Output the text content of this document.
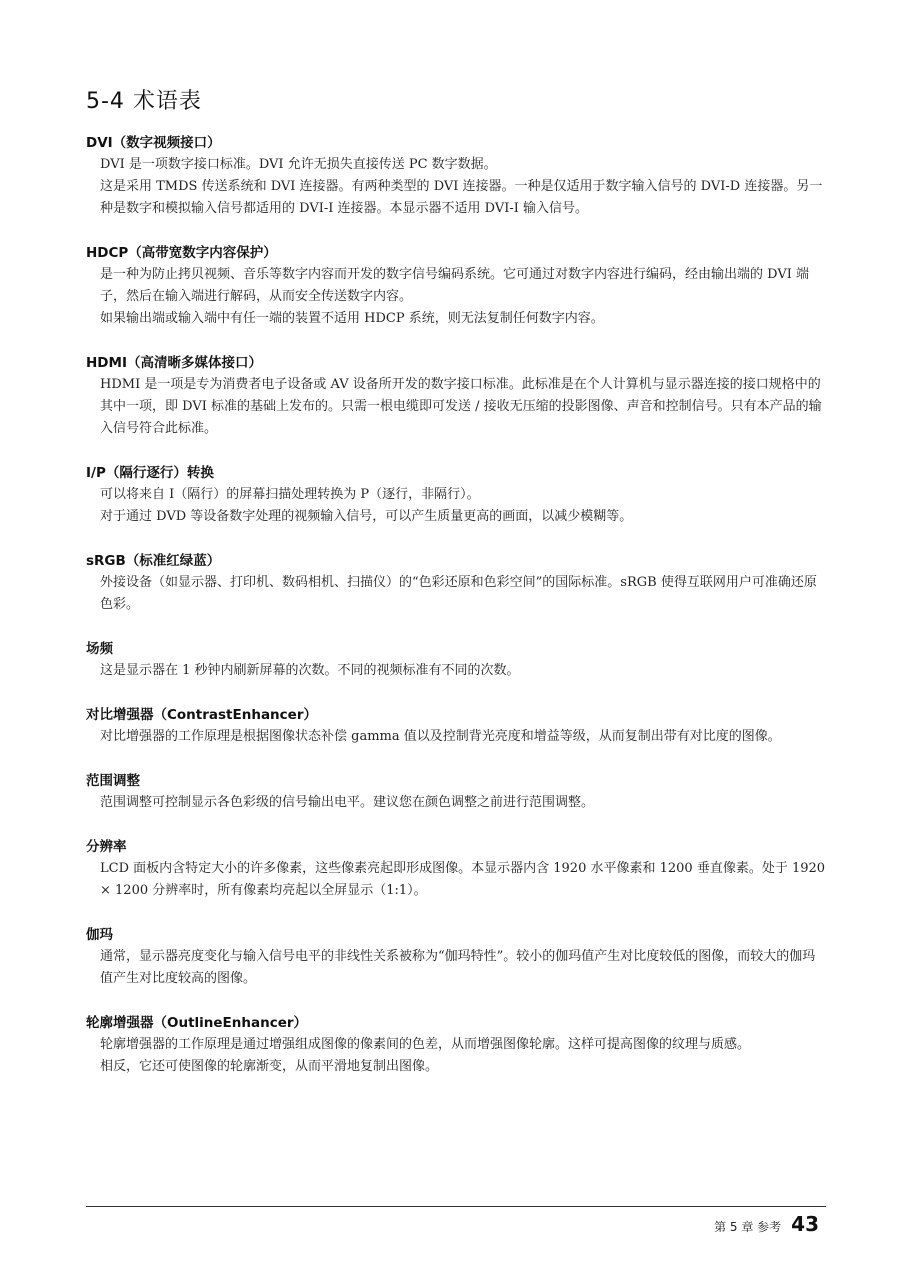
5-4 术语表
DVI（数字视频接口）

DVI 是一项数字接口标准。DVI 允许无损失直接传送 PC 数字数据。

这是采用 TMDS 传送系统和 DVI 连接器。有两种类型的 DVI 连接器。一种是仅适用于数字输入信号的 DVI-D 连接器。另一种是数字和模拟输入信号都适用的 DVI-I 连接器。本显示器不适用 DVI-I 输入信号。

HDCP（高带宽数字内容保护）

是一种为防止拷贝视频、音乐等数字内容而开发的数字信号编码系统。它可通过对数字内容进行编码，经由输出端的 DVI 端子，然后在输入端进行解码，从而安全传送数字内容。

如果输出端或输入端中有任一端的装置不适用 HDCP 系统，则无法复制任何数字内容。

HDMI（高清晰多媒体接口）

HDMI 是一项是专为消费者电子设备或 AV 设备所开发的数字接口标准。此标准是在个人计算机与显示器连接的接口规格中的其中一项，即 DVI 标准的基础上发布的。只需一根电缆即可发送 / 接收无压缩的投影图像、声音和控制信号。只有本产品的输入信号符合此标准。

I/P（隔行逐行）转换

可以将来自 I（隔行）的屏幕扫描处理转换为 P（逐行，非隔行）。

对于通过 DVD 等设备数字处理的视频输入信号，可以产生质量更高的画面，以减少模糊等。

sRGB（标准红绿蓝）

外接设备（如显示器、打印机、数码相机、扫描仪）的“色彩还原和色彩空间”的国际标准。sRGB 使得互联网用户可准确还原色彩。

场频

这是显示器在 1 秒钟内刷新屏幕的次数。不同的视频标准有不同的次数。

对比增强器（ContrastEnhancer）

对比增强器的工作原理是根据图像状态补偿 gamma 值以及控制背光亮度和增益等级，从而复制出带有对比度的图像。

范围调整

范围调整可控制显示各色彩级的信号输出电平。建议您在颜色调整之前进行范围调整。

分辨率

LCD 面板内含特定大小的许多像素，这些像素亮起即形成图像。本显示器内含 1920 水平像素和 1200 垂直像素。处于 1920 × 1200 分辨率时，所有像素均亮起以全屏显示（1:1）。

伽玛

通常，显示器亮度变化与输入信号电平的非线性关系被称为“伽玛特性”。较小的伽玛值产生对比度较低的图像，而较大的伽玛值产生对比度较高的图像。

轮廓增强器（OutlineEnhancer）

轮廓增强器的工作原理是通过增强组成图像的像素间的色差，从而增强图像轮廓。这样可提高图像的纹理与质感。

相反，它还可使图像的轮廓渐变，从而平滑地复制出图像。

第 5 章 参考 43
